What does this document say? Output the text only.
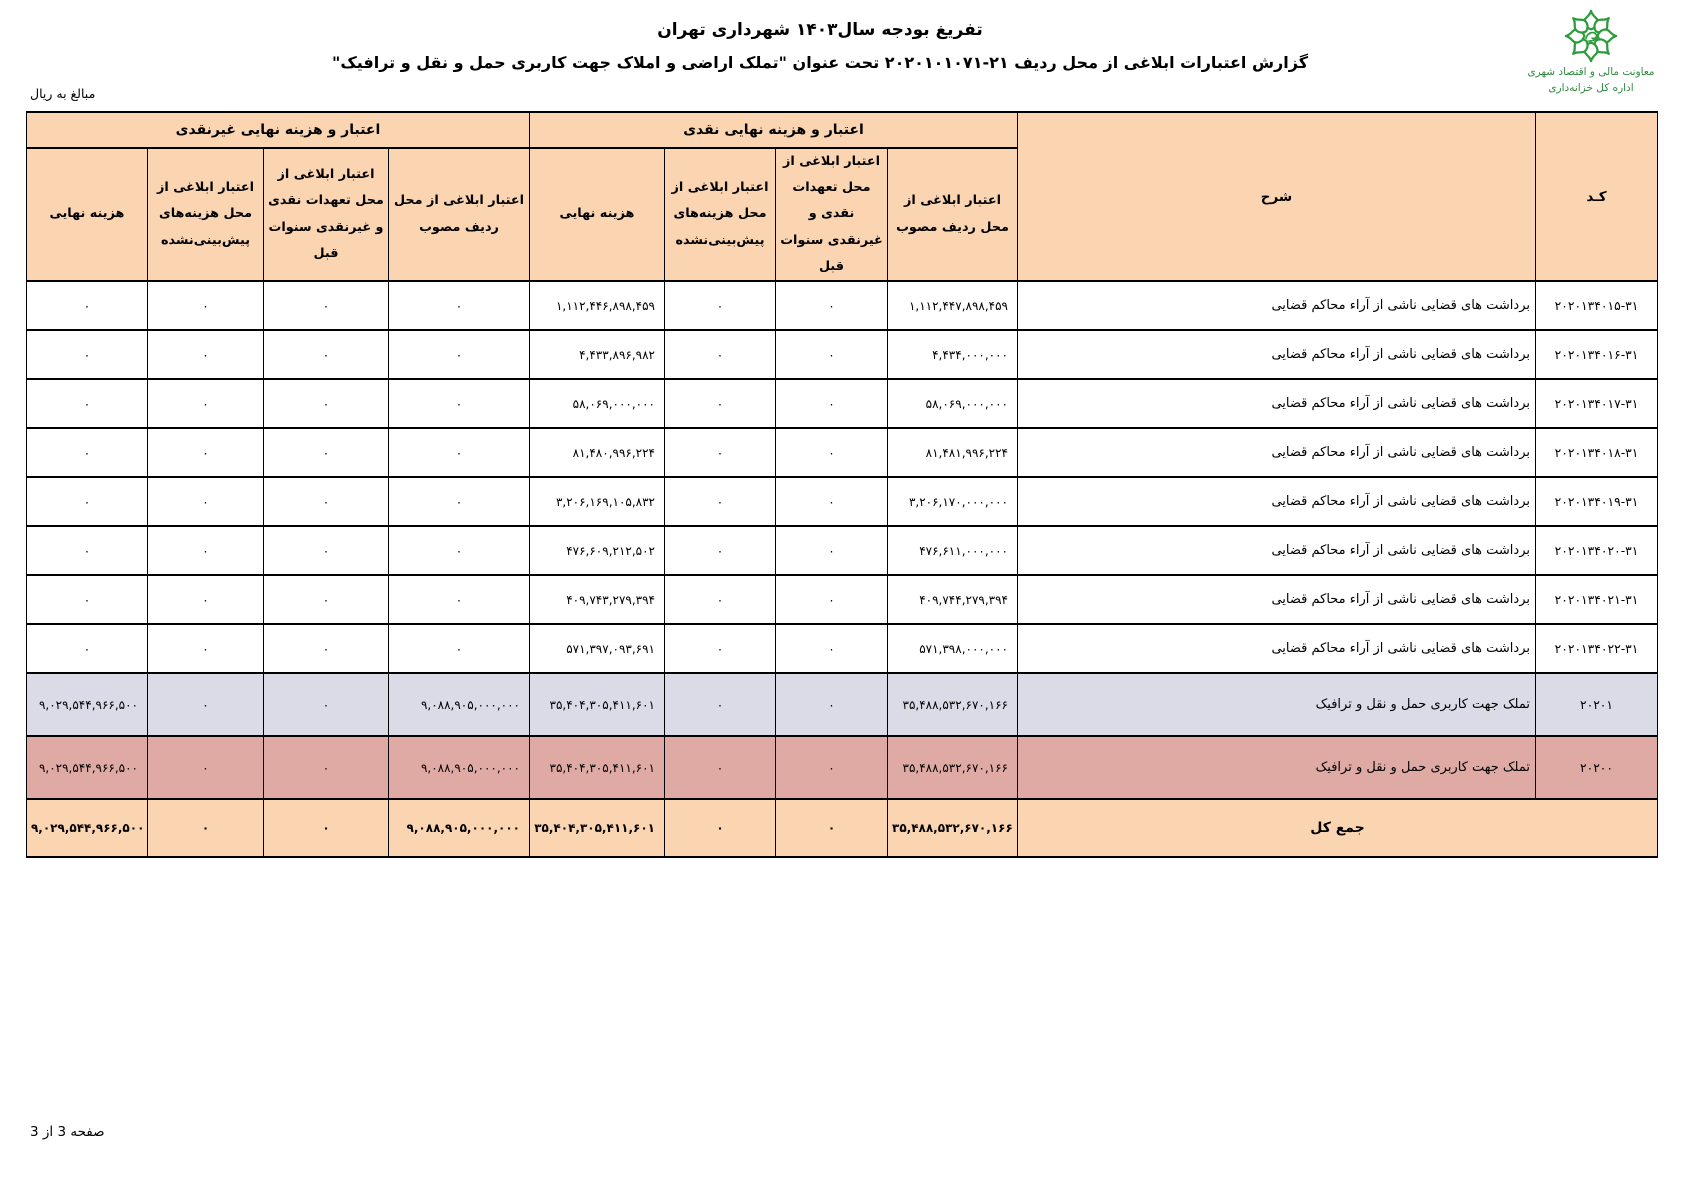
تفریغ بودجه سال۱۴۰۳ شهرداری تهران
گزارش اعتبارات ابلاغی از محل ردیف ۲۱-۲۰۲۰۱۰۱۰۷۱ تحت عنوان "تملک اراضی و املاک جهت کاربری حمل و نقل و ترافیک"	معاونت مالی و اقتصاد شهری
اداره کل خزانه‌داری
مبالغ به ریال
کـد	شرح	اعتبار و هزینه نهایی نقدی				اعتبار و هزینه نهایی غیرنقدی			
		اعتبار ابلاغی از محل ردیف مصوب	اعتبار ابلاغی از محل تعهدات نقدی و غیرنقدی سنوات قبل	اعتبار ابلاغی از محل هزینه‌های پیش‌بینی‌نشده	هزینه نهایی	اعتبار ابلاغی از محل ردیف مصوب	اعتبار ابلاغی از محل تعهدات نقدی و غیرنقدی سنوات قبل	اعتبار ابلاغی از محل هزینه‌های پیش‌بینی‌نشده	هزینه نهایی
۲۰۲۰۱۳۴۰۱۵-۳۱	برداشت های قضایی ناشی از آراء محاکم قضایی	۱,۱۱۲,۴۴۷,۸۹۸,۴۵۹	۰	۰	۱,۱۱۲,۴۴۶,۸۹۸,۴۵۹	۰	۰	۰	۰
۲۰۲۰۱۳۴۰۱۶-۳۱	برداشت های قضایی ناشی از آراء محاکم قضایی	۴,۴۳۴,۰۰۰,۰۰۰	۰	۰	۴,۴۳۳,۸۹۶,۹۸۲	۰	۰	۰	۰
۲۰۲۰۱۳۴۰۱۷-۳۱	برداشت های قضایی ناشی از آراء محاکم قضایی	۵۸,۰۶۹,۰۰۰,۰۰۰	۰	۰	۵۸,۰۶۹,۰۰۰,۰۰۰	۰	۰	۰	۰
۲۰۲۰۱۳۴۰۱۸-۳۱	برداشت های قضایی ناشی از آراء محاکم قضایی	۸۱,۴۸۱,۹۹۶,۲۲۴	۰	۰	۸۱,۴۸۰,۹۹۶,۲۲۴	۰	۰	۰	۰
۲۰۲۰۱۳۴۰۱۹-۳۱	برداشت های قضایی ناشی از آراء محاکم قضایی	۳,۲۰۶,۱۷۰,۰۰۰,۰۰۰	۰	۰	۳,۲۰۶,۱۶۹,۱۰۵,۸۳۲	۰	۰	۰	۰
۲۰۲۰۱۳۴۰۲۰-۳۱	برداشت های قضایی ناشی از آراء محاکم قضایی	۴۷۶,۶۱۱,۰۰۰,۰۰۰	۰	۰	۴۷۶,۶۰۹,۲۱۲,۵۰۲	۰	۰	۰	۰
۲۰۲۰۱۳۴۰۲۱-۳۱	برداشت های قضایی ناشی از آراء محاکم قضایی	۴۰۹,۷۴۴,۲۷۹,۳۹۴	۰	۰	۴۰۹,۷۴۳,۲۷۹,۳۹۴	۰	۰	۰	۰
۲۰۲۰۱۳۴۰۲۲-۳۱	برداشت های قضایی ناشی از آراء محاکم قضایی	۵۷۱,۳۹۸,۰۰۰,۰۰۰	۰	۰	۵۷۱,۳۹۷,۰۹۳,۶۹۱	۰	۰	۰	۰
۲۰۲۰۱	تملک جهت کاربری حمل و نقل و ترافیک	۳۵,۴۸۸,۵۳۲,۶۷۰,۱۶۶	۰	۰	۳۵,۴۰۴,۳۰۵,۴۱۱,۶۰۱	۹,۰۸۸,۹۰۵,۰۰۰,۰۰۰	۰	۰	۹,۰۲۹,۵۴۴,۹۶۶,۵۰۰
۲۰۲۰۰	تملک جهت کاربری حمل و نقل و ترافیک	۳۵,۴۸۸,۵۳۲,۶۷۰,۱۶۶	۰	۰	۳۵,۴۰۴,۳۰۵,۴۱۱,۶۰۱	۹,۰۸۸,۹۰۵,۰۰۰,۰۰۰	۰	۰	۹,۰۲۹,۵۴۴,۹۶۶,۵۰۰
جمع کل		۳۵,۴۸۸,۵۳۲,۶۷۰,۱۶۶	۰	۰	۳۵,۴۰۴,۳۰۵,۴۱۱,۶۰۱	۹,۰۸۸,۹۰۵,۰۰۰,۰۰۰	۰	۰	۹,۰۲۹,۵۴۴,۹۶۶,۵۰۰
صفحه 3 از 3
